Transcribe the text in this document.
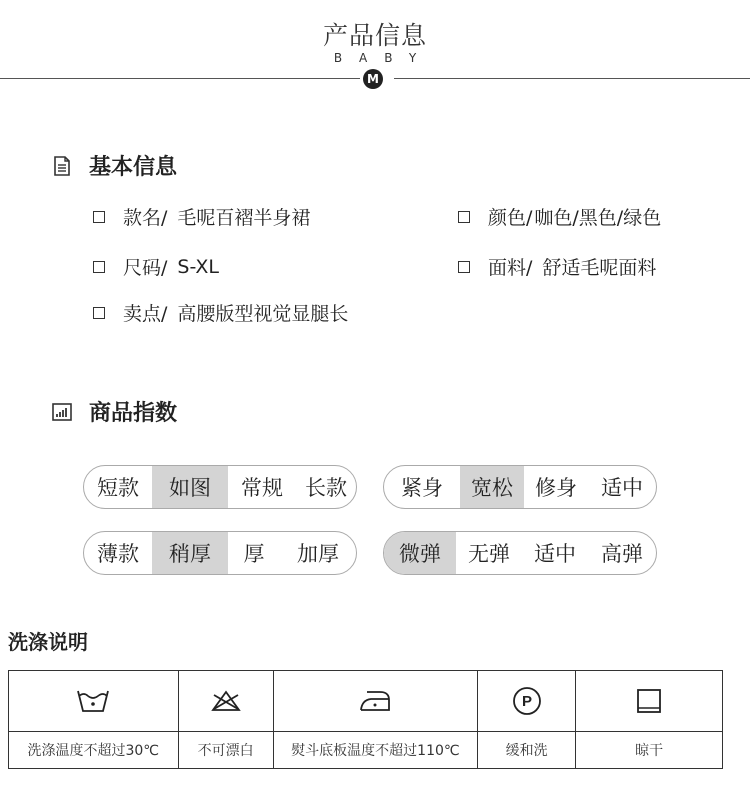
产品信息
BABY
M
基本信息
款名/ 毛呢百褶半身裙	颜色/ 咖色/黑色/绿色
尺码/ S-XL	面料/ 舒适毛呢面料
卖点/ 高腰版型视觉显腿长
商品指数
短款	如图	常规	长款	紧身	宽松	修身	适中
薄款	稍厚	厚	加厚	微弹	无弹	适中	高弹
洗涤说明

P

洗涤温度不超过30℃	不可漂白	熨斗底板温度不超过110℃	缓和洗	晾干
